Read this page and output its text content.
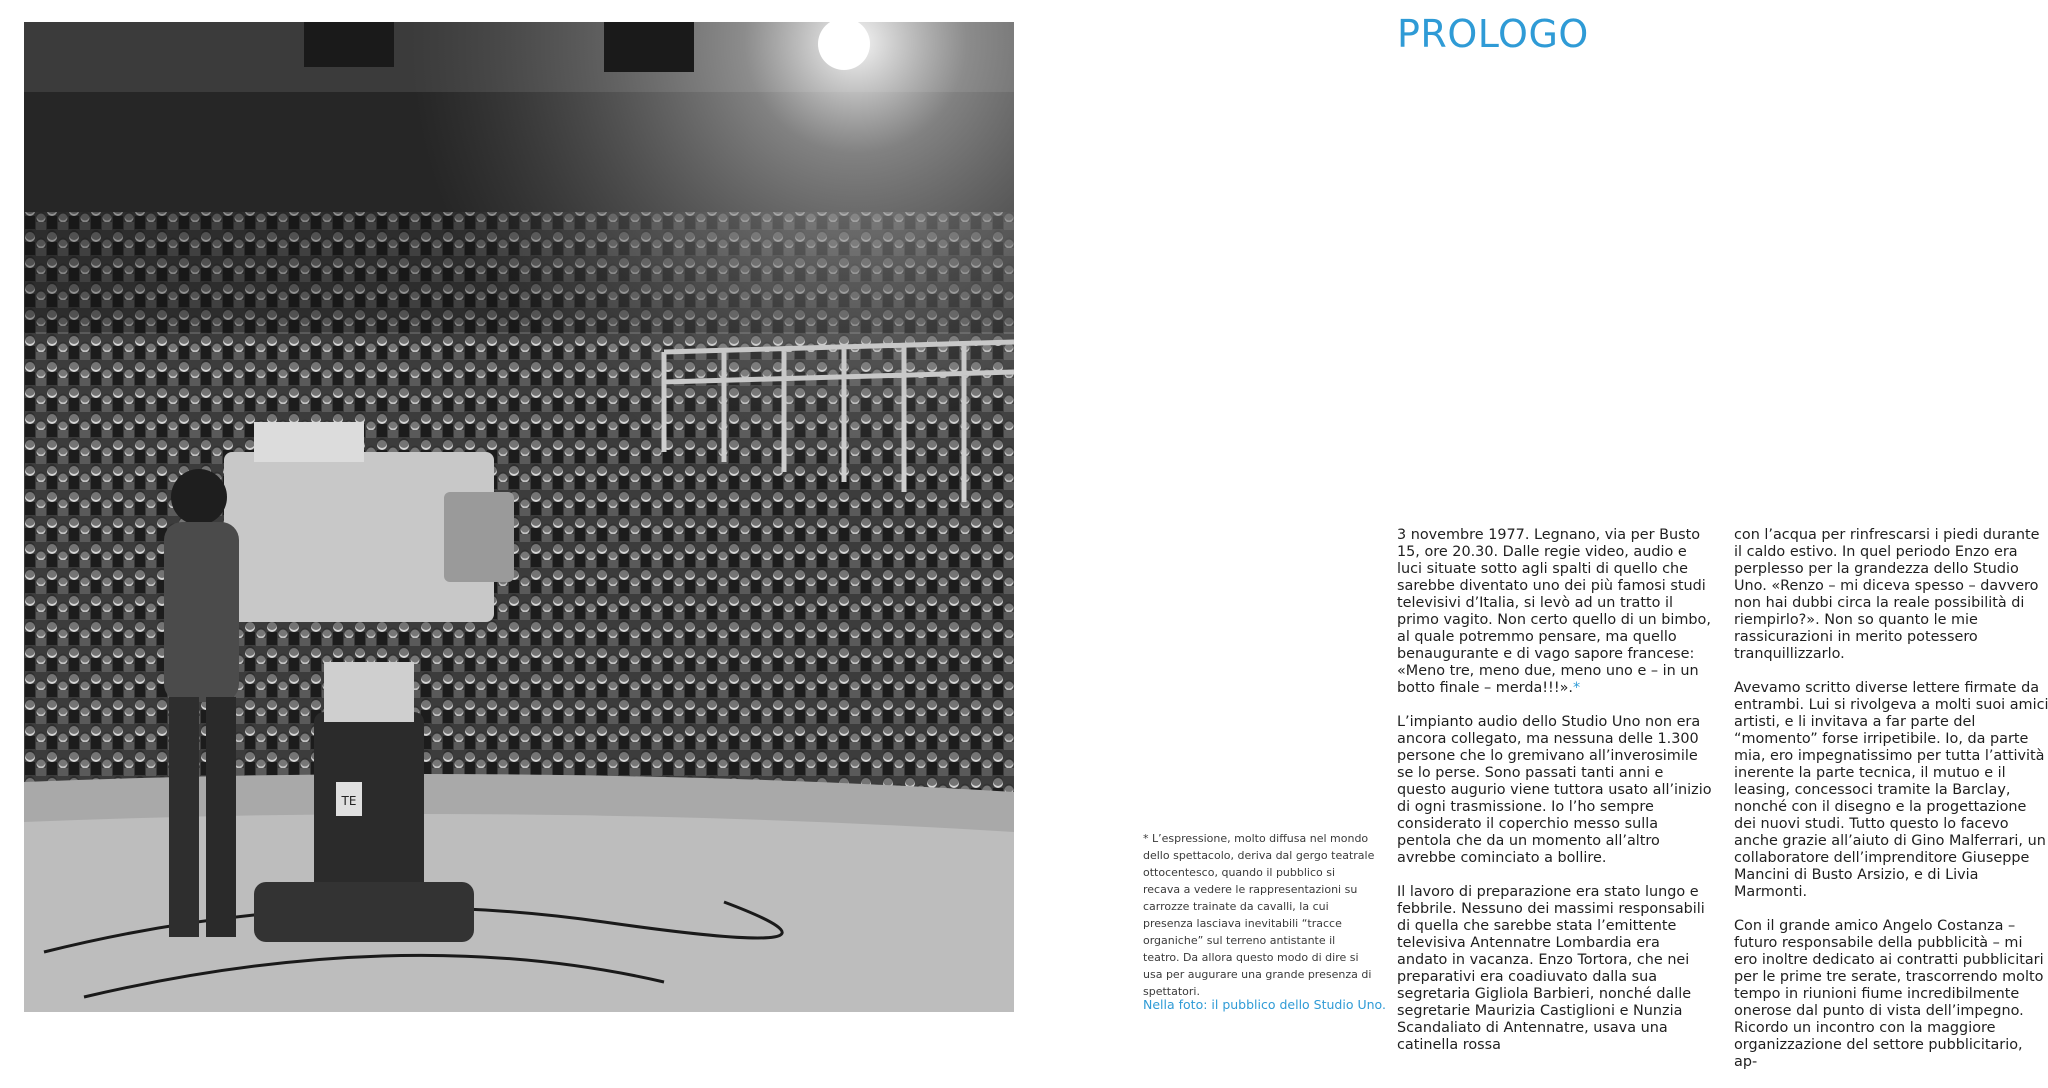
TE
PROLOGO
* L’espressione, molto diffusa nel mondo dello spettacolo, deriva dal gergo teatrale ottocentesco, quando il pubblico si recava a vedere le rappresentazioni su carrozze trainate da cavalli, la cui presenza lasciava inevitabili “tracce organiche” sul terreno antistante il teatro. Da allora questo modo di dire si usa per augurare una grande presenza di spettatori.
Nella foto: il pubblico dello Studio Uno.

3 novembre 1977. Legnano, via per Busto 15, ore 20.30. Dalle regie video, audio e luci situate sotto agli spalti di quello che sarebbe diventato uno dei più famosi studi televisivi d’Italia, si levò ad un tratto il primo vagito. Non certo quello di un bimbo, al quale potremmo pensare, ma quello benaugurante e di vago sapore francese: «Meno tre, meno due, meno uno e – in un botto finale – merda!!!».*

L’impianto audio dello Studio Uno non era ancora collegato, ma nessuna delle 1.300 persone che lo gremivano all’inverosimile se lo perse. Sono passati tanti anni e questo augurio viene tuttora usato all’inizio di ogni trasmissione. Io l’ho sempre considerato il coperchio messo sulla pentola che da un momento all’altro avrebbe cominciato a bollire.

Il lavoro di preparazione era stato lungo e febbrile. Nessuno dei massimi responsabili di quella che sarebbe stata l’emittente televisiva Antennatre Lombardia era andato in vacanza. Enzo Tortora, che nei preparativi era coadiuvato dalla sua segretaria Gigliola Barbieri, nonché dalle segretarie Maurizia Castiglioni e Nunzia Scandaliato di Antennatre, usava una catinella rossa

con l’acqua per rinfrescarsi i piedi durante il caldo estivo. In quel periodo Enzo era perplesso per la grandezza dello Studio Uno. «Renzo – mi diceva spesso – davvero non hai dubbi circa la reale possibilità di riempirlo?». Non so quanto le mie rassicurazioni in merito potessero tranquillizzarlo.

Avevamo scritto diverse lettere firmate da entrambi. Lui si rivolgeva a molti suoi amici artisti, e li invitava a far parte del “momento” forse irripetibile. Io, da parte mia, ero impegnatissimo per tutta l’attività inerente la parte tecnica, il mutuo e il leasing, concessoci tramite la Barclay, nonché con il disegno e la progettazione dei nuovi studi. Tutto questo lo facevo anche grazie all’aiuto di Gino Malferrari, un collaboratore dell’imprenditore Giuseppe Mancini di Busto Arsizio, e di Livia Marmonti.

Con il grande amico Angelo Costanza – futuro responsabile della pubblicità – mi ero inoltre dedicato ai contratti pubblicitari per le prime tre serate, trascorrendo molto tempo in riunioni fiume incredibilmente onerose dal punto di vista dell’impegno. Ricordo un incontro con la maggiore organizzazione del settore pubblicitario, ap-
